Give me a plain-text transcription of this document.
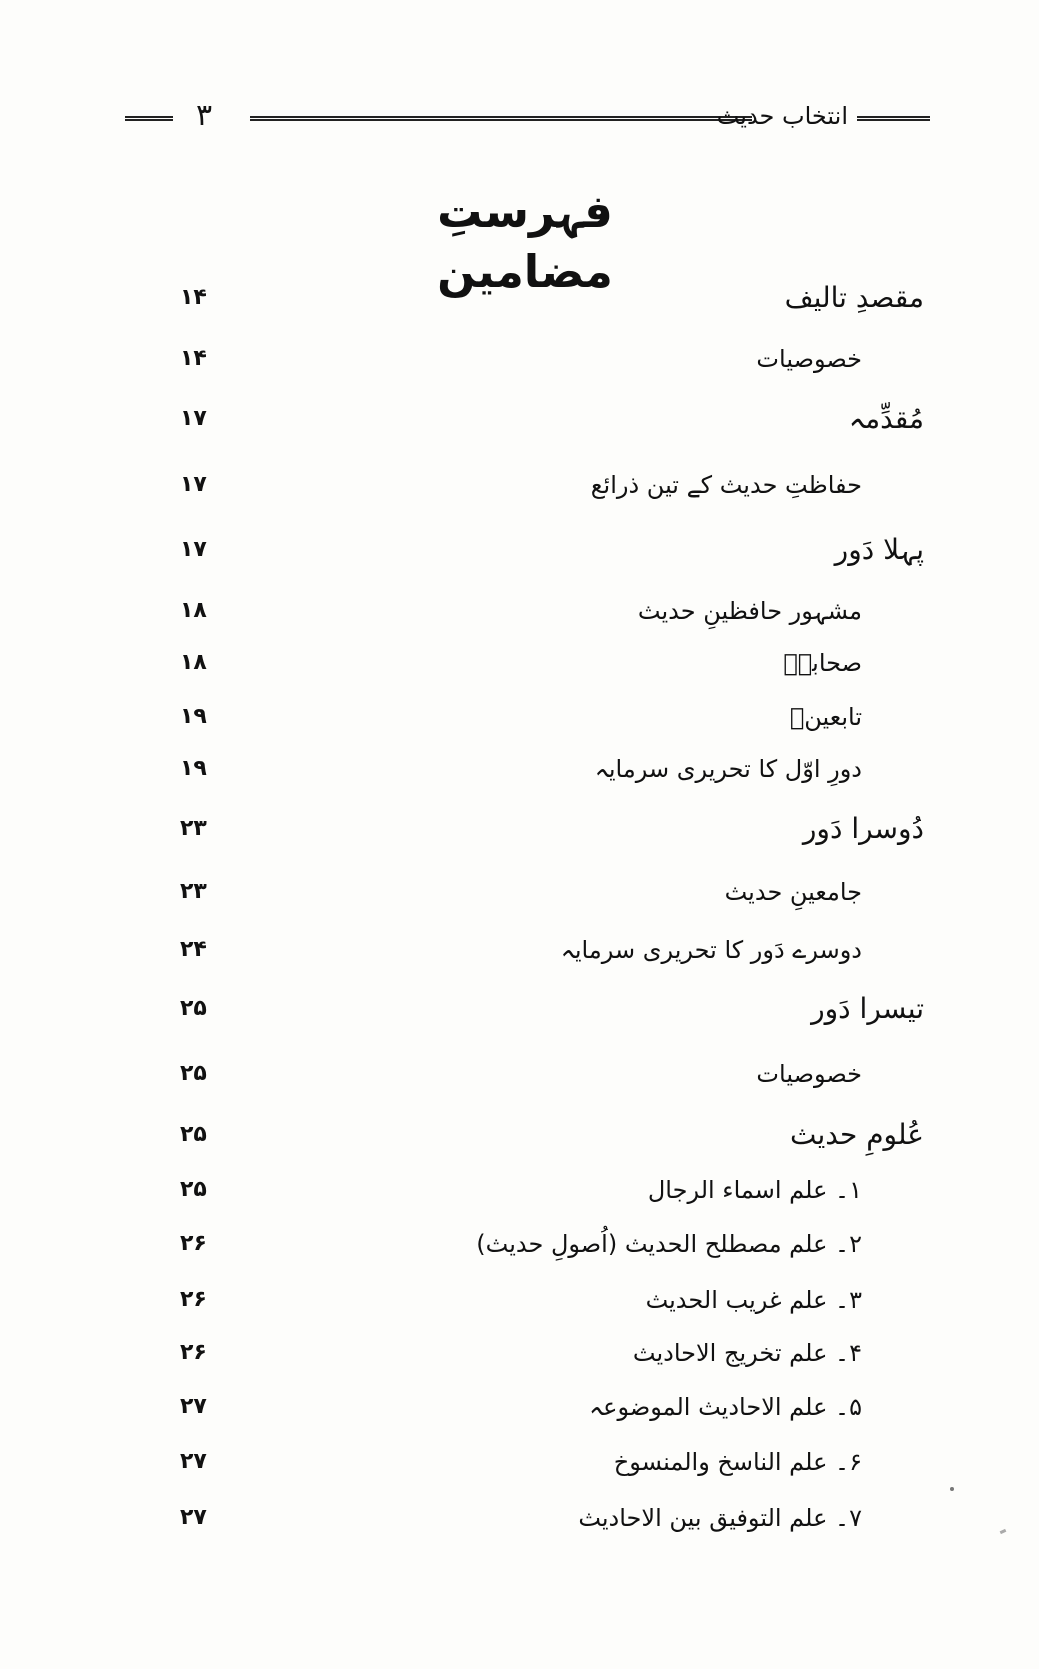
۳	انتخاب حدیث
فہرستِ مضامین
۱۴	مقصدِ تالیف
۱۴	خصوصیات
۱۷	مُقدِّمہ
۱۷	حفاظتِ حدیث کے تین ذرائع
۱۷	پہلا دَور
۱۸	مشہور حافظینِ حدیث
۱۸	صحابہؓ
۱۹	تابعینؒ
۱۹	دورِ اوّل کا تحریری سرمایہ
۲۳	دُوسرا دَور
۲۳	جامعینِ حدیث
۲۴	دوسرے دَور کا تحریری سرمایہ
۲۵	تیسرا دَور
۲۵	خصوصیات
۲۵	عُلومِ حدیث
۲۵	۱۔ علم اسماء الرجال
۲۶	۲۔ علم مصطلح الحدیث (اُصولِ حدیث)
۲۶	۳۔ علم غریب الحدیث
۲۶	۴۔ علم تخریج الاحادیث
۲۷	۵۔ علم الاحادیث الموضوعہ
۲۷	۶۔ علم الناسخ والمنسوخ
۲۷	۷۔ علم التوفیق بین الاحادیث
